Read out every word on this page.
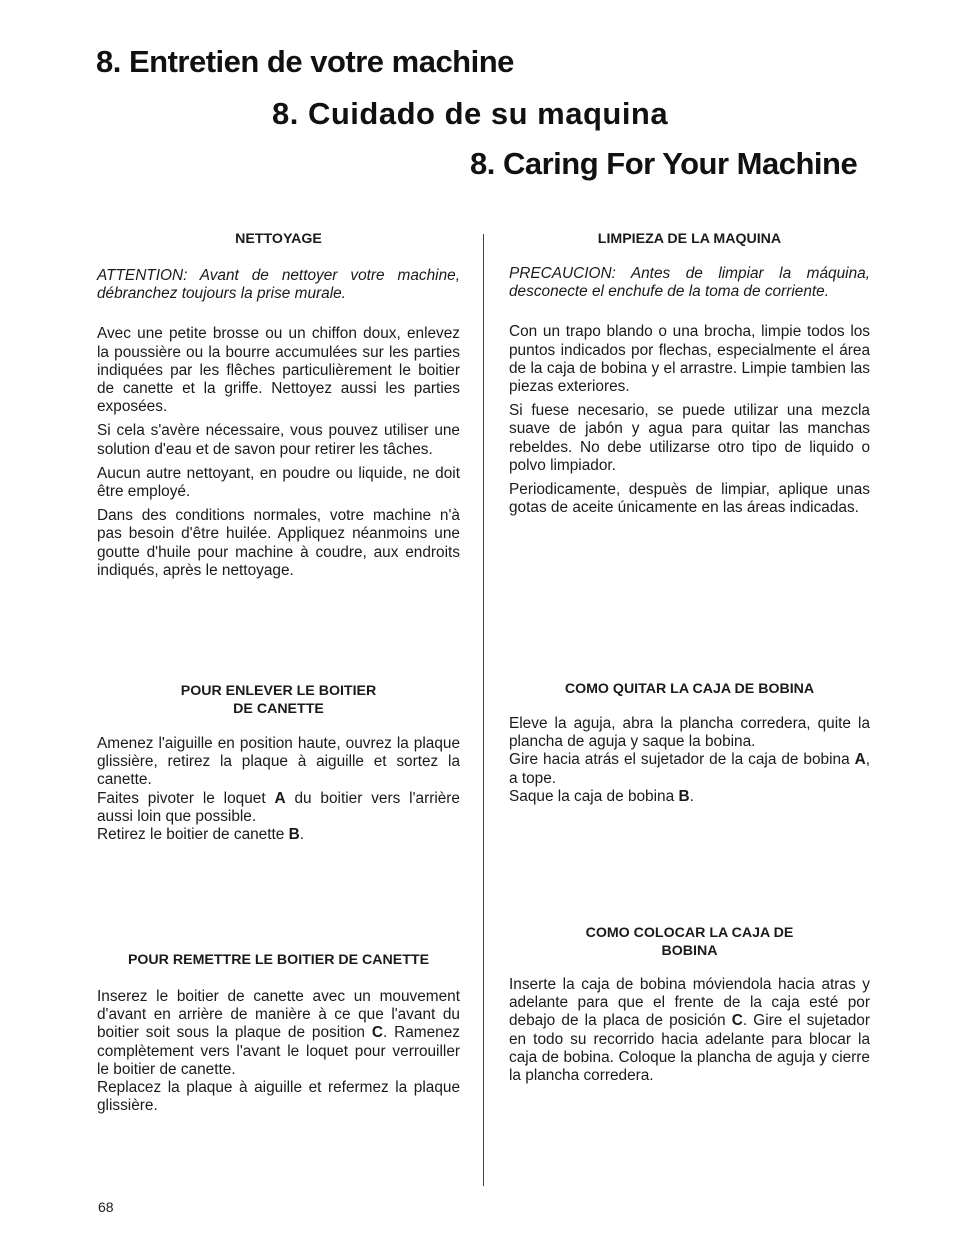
8. Entretien de votre machine
8. Cuidado de su maquina
8. Caring For Your Machine
NETTOYAGE

ATTENTION: Avant de nettoyer votre machine, débranchez toujours la prise murale.

Avec une petite brosse ou un chiffon doux, enlevez la poussière ou la bourre accumulées sur les parties indiquées par les flêches particulièrement le boitier de canette et la griffe. Nettoyez aussi les parties exposées.

Si cela s'avère nécessaire, vous pouvez utiliser une solution d'eau et de savon pour retirer les tâches.

Aucun autre nettoyant, en poudre ou liquide, ne doit être employé.

Dans des conditions normales, votre machine n'à pas besoin d'être huilée. Appliquez néanmoins une goutte d'huile pour machine à coudre, aux endroits indiqués, après le nettoyage.

LIMPIEZA DE LA MAQUINA

PRECAUCION: Antes de limpiar la máquina, desconecte el enchufe de la toma de corriente.

Con un trapo blando o una brocha, limpie todos los puntos indicados por flechas, especialmente el área de la caja de bobina y el arrastre. Limpie tambien las piezas exteriores.

Si fuese necesario, se puede utilizar una mezcla suave de jabón y agua para quitar las manchas rebeldes. No debe utilizarse otro tipo de liquido o polvo limpiador.

Periodicamente, despuès de limpiar, aplique unas gotas de aceite únicamente en las áreas indicadas.

POUR ENLEVER LE BOITIER
DE CANETTE
Amenez l'aiguille en position haute, ouvrez la plaque glissière, retirez la plaque à aiguille et sortez la canette.
Faites pivoter le loquet A du boitier vers l'arrière aussi loin que possible.
Retirez le boitier de canette B.
COMO QUITAR LA CAJA DE BOBINA
Eleve la aguja, abra la plancha corredera, quite la plancha de aguja y saque la bobina.
Gire hacia atrás el sujetador de la caja de bobina A, a tope.
Saque la caja de bobina B.
POUR REMETTRE LE BOITIER DE CANETTE
Inserez le boitier de canette avec un mouvement d'avant en arrière de manière à ce que l'avant du boitier soit sous la plaque de position C. Ramenez complètement vers l'avant le loquet pour verrouiller le boitier de canette.
Replacez la plaque à aiguille et refermez la plaque glissière.
COMO COLOCAR LA CAJA DE
BOBINA
Inserte la caja de bobina móviendola hacia atras y adelante para que el frente de la caja esté por debajo de la placa de posición C. Gire el sujetador en todo su recorrido hacia adelante para blocar la caja de bobina. Coloque la plancha de aguja y cierre la plancha corredera.
68
